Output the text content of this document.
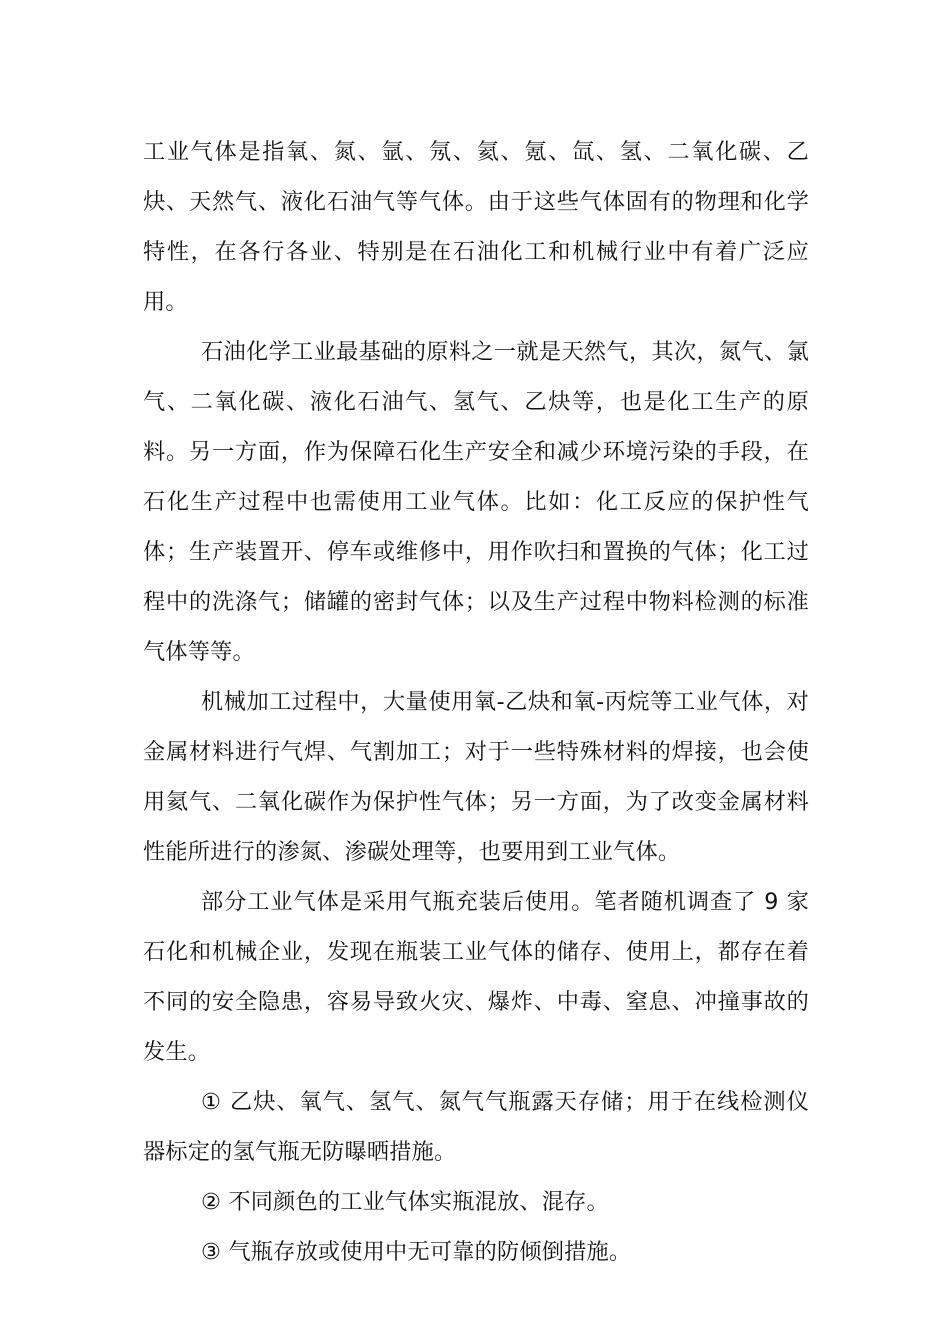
工业气体是指氧、氮、氩、氖、氦、氪、氙、氢、二氧化碳、乙炔、天然气、液化石油气等气体。由于这些气体固有的物理和化学特性，在各行各业、特别是在石油化工和机械行业中有着广泛应用。

石油化学工业最基础的原料之一就是天然气，其次，氮气、氯气、二氧化碳、液化石油气、氢气、乙炔等，也是化工生产的原料。另一方面，作为保障石化生产安全和减少环境污染的手段，在石化生产过程中也需使用工业气体。比如：化工反应的保护性气体；生产装置开、停车或维修中，用作吹扫和置换的气体；化工过程中的洗涤气；储罐的密封气体；以及生产过程中物料检测的标准气体等等。

机械加工过程中，大量使用氧-乙炔和氧-丙烷等工业气体，对金属材料进行气焊、气割加工；对于一些特殊材料的焊接，也会使用氦气、二氧化碳作为保护性气体；另一方面，为了改变金属材料性能所进行的渗氮、渗碳处理等，也要用到工业气体。

部分工业气体是采用气瓶充装后使用。笔者随机调查了 9 家石化和机械企业，发现在瓶装工业气体的储存、使用上，都存在着不同的安全隐患，容易导致火灾、爆炸、中毒、窒息、冲撞事故的发生。

① 乙炔、氧气、氢气、氮气气瓶露天存储；用于在线检测仪器标定的氢气瓶无防曝晒措施。

② 不同颜色的工业气体实瓶混放、混存。

③ 气瓶存放或使用中无可靠的防倾倒措施。
